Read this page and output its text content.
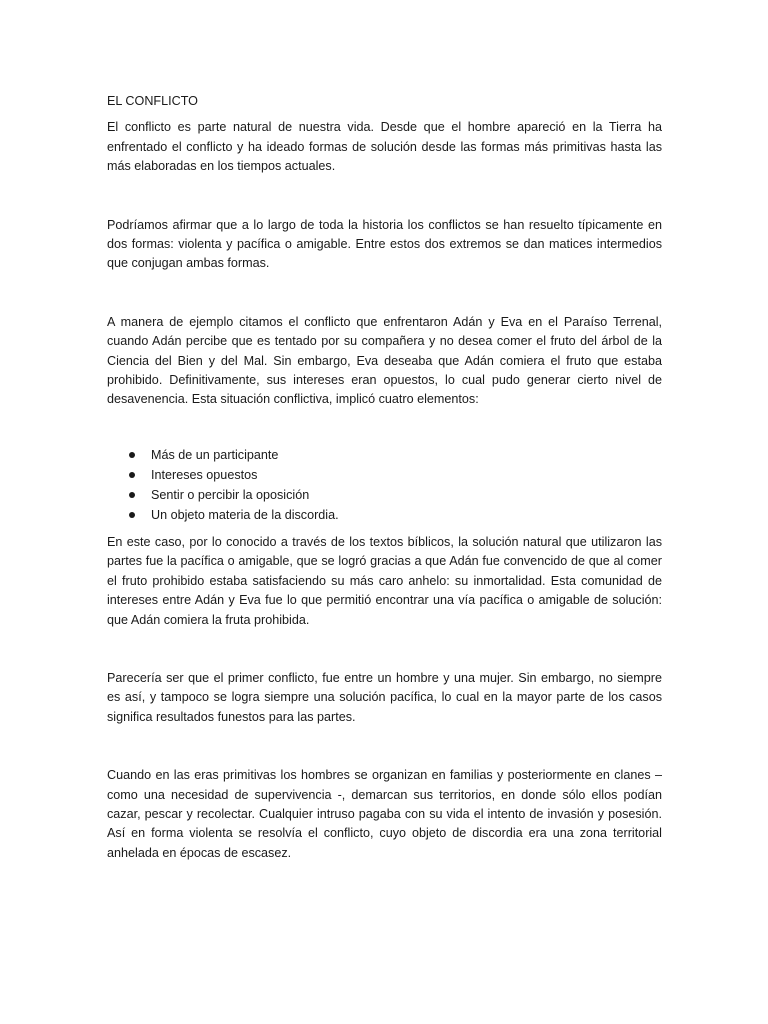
EL CONFLICTO

El conflicto es parte natural de nuestra vida. Desde que el hombre apareció en la Tierra ha enfrentado el conflicto y ha ideado formas de solución desde las formas más primitivas hasta las más elaboradas en los tiempos actuales.

Podríamos afirmar que a lo largo de toda la historia los conflictos se han resuelto típicamente en dos formas: violenta y pacífica o amigable. Entre estos dos extremos se dan matices intermedios que conjugan ambas formas.

A manera de ejemplo citamos el conflicto que enfrentaron Adán y Eva en el Paraíso Terrenal, cuando Adán percibe que es tentado por su compañera y no desea comer el fruto del árbol de la Ciencia del Bien y del Mal. Sin embargo, Eva deseaba que Adán comiera el fruto que estaba prohibido. Definitivamente, sus intereses eran opuestos, lo cual pudo generar cierto nivel de desavenencia. Esta situación conflictiva, implicó cuatro elementos:

Más de un participante
Intereses opuestos
Sentir o percibir la oposición
Un objeto materia de la discordia.

En este caso, por lo conocido a través de los textos bíblicos, la solución natural que utilizaron las partes fue la pacífica o amigable, que se logró gracias a que Adán fue convencido de que al comer el fruto prohibido estaba satisfaciendo su más caro anhelo: su inmortalidad. Esta comunidad de intereses entre Adán y Eva fue lo que permitió encontrar una vía pacífica o amigable de solución: que Adán comiera la fruta prohibida.

Parecería ser que el primer conflicto, fue entre un hombre y una mujer. Sin embargo, no siempre es así, y tampoco se logra siempre una solución pacífica, lo cual en la mayor parte de los casos significa resultados funestos para las partes.

Cuando en las eras primitivas los hombres se organizan en familias y posteriormente en clanes – como una necesidad de supervivencia -, demarcan sus territorios, en donde sólo ellos podían cazar, pescar y recolectar. Cualquier intruso pagaba con su vida el intento de invasión y posesión. Así en forma violenta se resolvía el conflicto, cuyo objeto de discordia era una zona territorial anhelada en épocas de escasez.
